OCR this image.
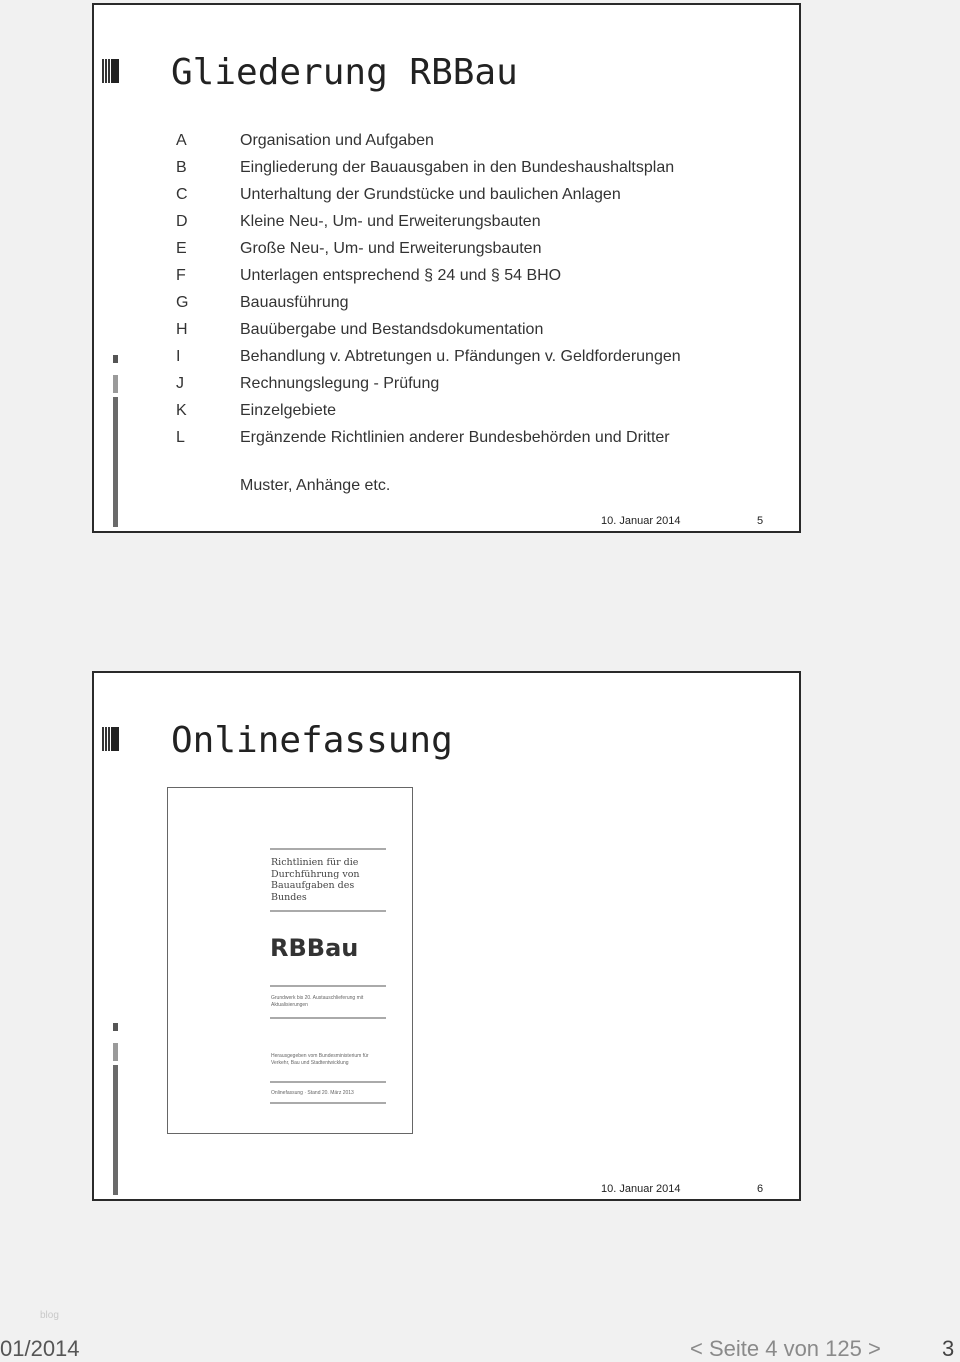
Gliederung RBBau
A	Organisation und Aufgaben
B	Eingliederung der Bauausgaben in den Bundeshaushaltsplan
C	Unterhaltung der Grundstücke und baulichen Anlagen
D	Kleine Neu-, Um- und Erweiterungsbauten
E	Große Neu-, Um- und Erweiterungsbauten
F	Unterlagen entsprechend § 24 und § 54 BHO
G	Bauausführung
H	Bauübergabe und Bestandsdokumentation
I	Behandlung v. Abtretungen u. Pfändungen v. Geldforderungen
J	Rechnungslegung - Prüfung
K	Einzelgebiete
L	Ergänzende Richtlinien anderer Bundesbehörden und Dritter
Muster, Anhänge etc.
10. Januar 2014	5
Onlinefassung
Richtlinien für die Durchführung von Bauaufgaben des Bundes
RBBau
Grundwerk bis 20. Austauschlieferung mit Aktualisierungen
Herausgegeben vom Bundesministerium für Verkehr, Bau und Stadtentwicklung
Onlinefassung · Stand 20. März 2013
10. Januar 2014	6
blog
01/2014	< Seite 4 von 125 >	3
